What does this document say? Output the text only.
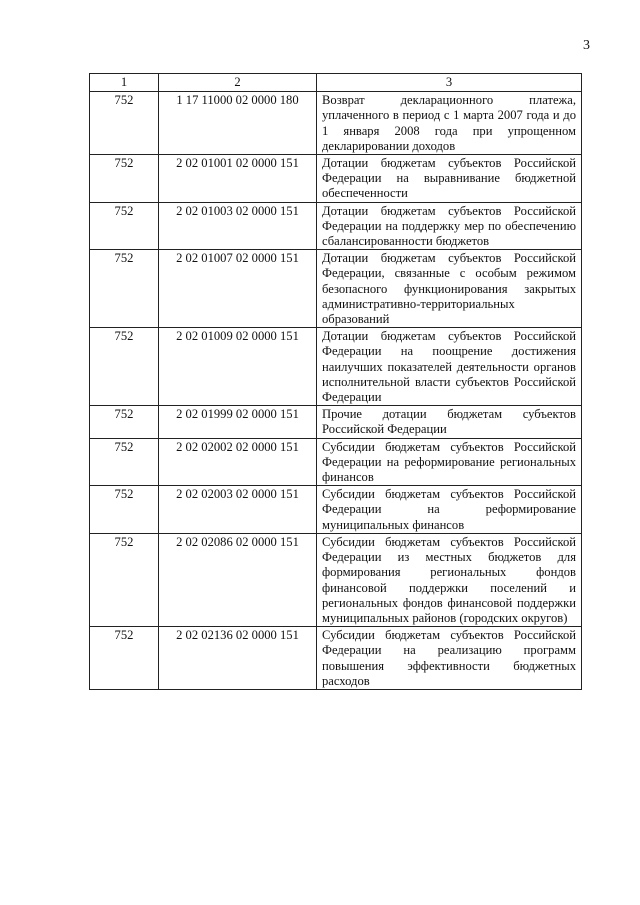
3
1	2	3
752	1 17 11000 02 0000 180	Возврат декларационного платежа, уплаченного в период с 1 марта 2007 года и до 1 января 2008 года при упрощенном декларировании доходов
752	2 02 01001 02 0000 151	Дотации бюджетам субъектов Российской Федерации на выравнивание бюджетной обеспеченности
752	2 02 01003 02 0000 151	Дотации бюджетам субъектов Российской Федерации на поддержку мер по обеспечению сбалансированности бюджетов
752	2 02 01007 02 0000 151	Дотации бюджетам субъектов Российской Федерации, связанные с особым режимом безопасного функционирования закрытых административно-территориальных образований
752	2 02 01009 02 0000 151	Дотации бюджетам субъектов Российской Федерации на поощрение достижения наилучших показателей деятельности органов исполнительной власти субъектов Российской Федерации
752	2 02 01999 02 0000 151	Прочие дотации бюджетам субъектов Российской Федерации
752	2 02 02002 02 0000 151	Субсидии бюджетам субъектов Российской Федерации на реформирование региональных финансов
752	2 02 02003 02 0000 151	Субсидии бюджетам субъектов Российской Федерации на реформирование муниципальных финансов
752	2 02 02086 02 0000 151	Субсидии бюджетам субъектов Российской Федерации из местных бюджетов для формирования региональных фондов финансовой поддержки поселений и региональных фондов финансовой поддержки муниципальных районов (городских округов)
752	2 02 02136 02 0000 151	Субсидии бюджетам субъектов Российской Федерации на реализацию программ повышения эффективности бюджетных расходов
